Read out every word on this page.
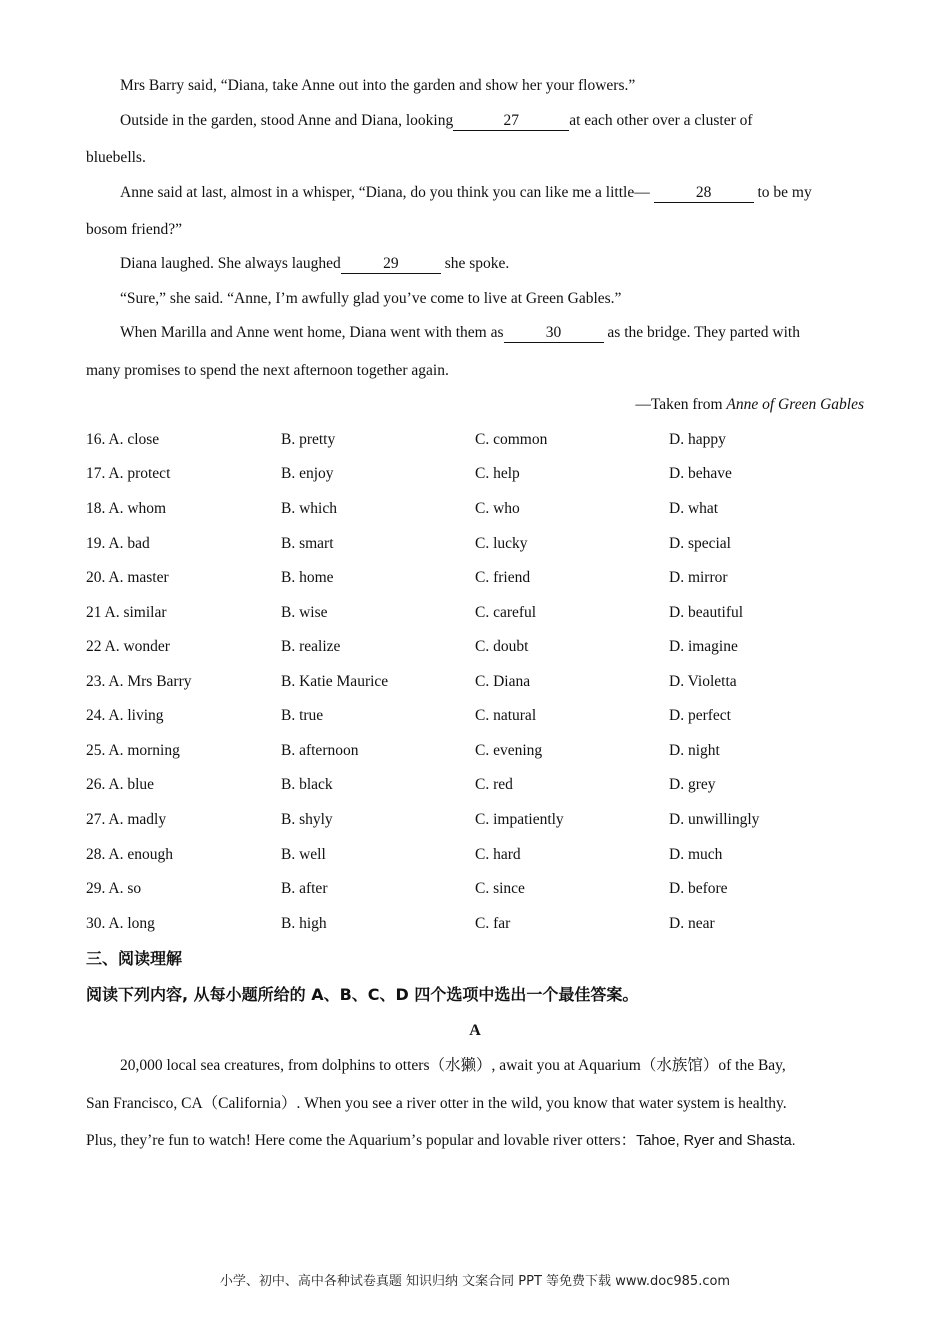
Mrs Barry said, “Diana, take Anne out into the garden and show her your flowers.”
Outside in the garden, stood Anne and Diana, looking	27	at each other over a cluster of
bluebells.
Anne said at last, almost in a whisper, “Diana, do you think you can like me a little—	28	to be my
bosom friend?”
Diana laughed. She always laughed	29	she spoke.
“Sure,” she said. “Anne, Iʼm awfully glad you’ve come to live at Green Gables.”
When Marilla and Anne went home, Diana went with them as	30	as the bridge. They parted with
many promises to spend the next afternoon together again.
—Taken from Anne of Green Gables
16. A. close	B. pretty	C. common	D. happy
17. A. protect	B. enjoy	C. help	D. behave
18. A. whom	B. which	C. who	D. what
19. A. bad	B. smart	C. lucky	D. special
20. A. master	B. home	C. friend	D. mirror
21 A. similar	B. wise	C. careful	D. beautiful
22 A. wonder	B. realize	C. doubt	D. imagine
23. A. Mrs Barry	B. Katie Maurice	C. Diana	D. Violetta
24. A. living	B. true	C. natural	D. perfect
25. A. morning	B. afternoon	C. evening	D. night
26. A. blue	B. black	C. red	D. grey
27. A. madly	B. shyly	C. impatiently	D. unwillingly
28. A. enough	B. well	C. hard	D. much
29. A. so	B. after	C. since	D. before
30. A. long	B. high	C. far	D. near
三、阅读理解
阅读下列内容, 从每小题所给的 A、B、C、D 四个选项中选出一个最佳答案。
A
20,000 local sea creatures, from dolphins to otters（水獭）, await you at Aquarium（水族馆）of the Bay,
San Francisco, CA（California）. When you see a river otter in the wild, you know that water system is healthy.
Plus, theyʼre fun to watch! Here come the Aquariumʼs popular and lovable river otters：Tahoe, Ryer and Shasta.
小学、初中、高中各种试卷真题 知识归纳 文案合同 PPT 等免费下载 www.doc985.com
